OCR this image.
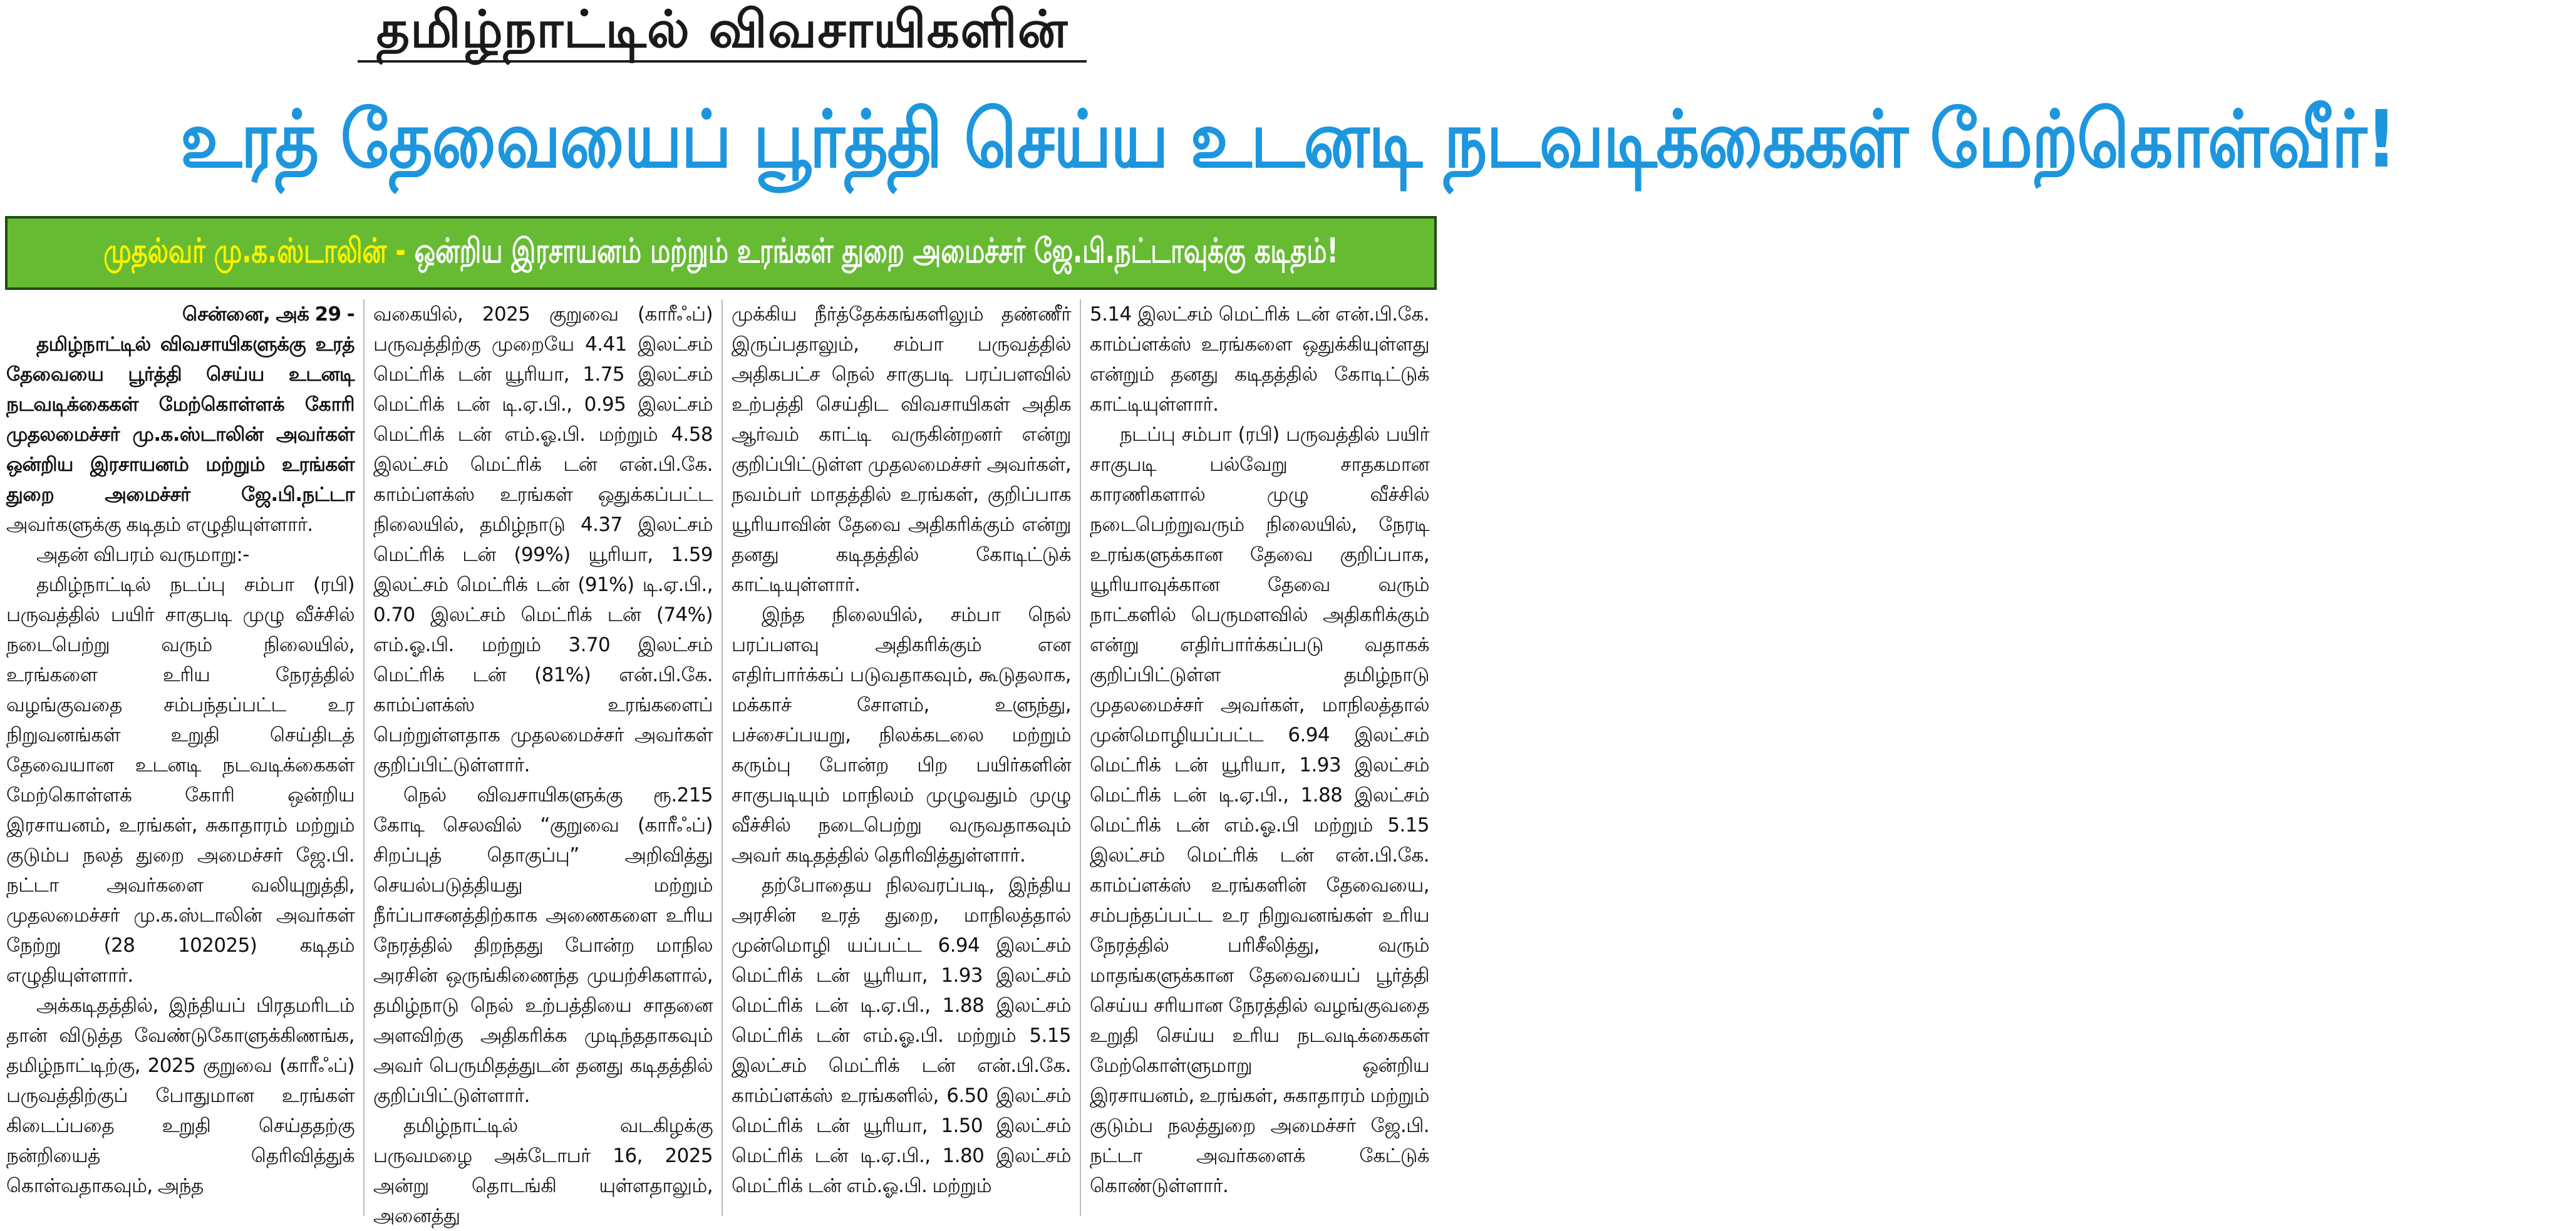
தமிழ்நாட்டில் விவசாயிகளின்
உரத் தேவையைப் பூர்த்தி செய்ய உடனடி நடவடிக்கைகள் மேற்கொள்வீர்!
முதல்வர் மு.க.ஸ்டாலின் - ஒன்றிய இரசாயனம் மற்றும் உரங்கள் துறை அமைச்சர் ஜே.பி.நட்டாவுக்கு கடிதம்!

சென்னை, அக் 29 -

தமிழ்நாட்டில் விவசாயிகளுக்கு உரத் தேவையை பூர்த்தி செய்ய உடனடி நடவடிக்கைகள் மேற்கொள்ளக் கோரி முதலமைச்சர் மு.க.ஸ்டாலின் அவர்கள் ஒன்றிய இரசாயனம் மற்றும் உரங்கள் துறை அமைச்சர் ஜே.பி.நட்டா அவர்களுக்கு கடிதம் எழுதியுள்ளார்.

அதன் விபரம் வருமாறு:-

தமிழ்நாட்டில் நடப்பு சம்பா (ரபி) பருவத்தில் பயிர் சாகுபடி முழு வீச்சில் நடைபெற்று வரும் நிலையில், உரங்களை உரிய நேரத்தில் வழங்குவதை சம்பந்தப்பட்ட உர நிறுவனங்கள் உறுதி செய்திடத் தேவையான உடனடி நடவடிக்கைகள் மேற்கொள்ளக் கோரி ஒன்றிய இரசாயனம், உரங்கள், சுகாதாரம் மற்றும் குடும்ப நலத் துறை அமைச்சர் ஜே.பி. நட்டா அவர்களை வலியுறுத்தி, முதலமைச்சர் மு.க.ஸ்டாலின் அவர்கள் நேற்று (28 102025) கடிதம் எழுதியுள்ளார்.

அக்கடிதத்தில், இந்தியப் பிரதமரிடம் தான் விடுத்த வேண்டுகோளுக்கிணங்க, தமிழ்நாட்டிற்கு, 2025 குறுவை (காரீஃப்) பருவத்திற்குப் போதுமான உரங்கள் கிடைப்பதை உறுதி செய்ததற்கு நன்றியைத் தெரிவித்துக் கொள்வதாகவும், அந்த

வகையில், 2025 குறுவை (காரீஃப்) பருவத்திற்கு முறையே 4.41 இலட்சம் மெட்ரிக் டன் யூரியா, 1.75 இலட்சம் மெட்ரிக் டன் டி.ஏ.பி., 0.95 இலட்சம் மெட்ரிக் டன் எம்.ஓ.பி. மற்றும் 4.58 இலட்சம் மெட்ரிக் டன் என்.பி.கே. காம்ப்ளக்ஸ் உரங்கள் ஒதுக்கப்பட்ட நிலையில், தமிழ்நாடு 4.37 இலட்சம் மெட்ரிக் டன் (99%) யூரியா, 1.59 இலட்சம் மெட்ரிக் டன் (91%) டி.ஏ.பி., 0.70 இலட்சம் மெட்ரிக் டன் (74%) எம்.ஓ.பி. மற்றும் 3.70 இலட்சம் மெட்ரிக் டன் (81%) என்.பி.கே. காம்ப்ளக்ஸ் உரங்களைப் பெற்றுள்ளதாக முதலமைச்சர் அவர்கள் குறிப்பிட்டுள்ளார்.

நெல் விவசாயிகளுக்கு ரூ.215 கோடி செலவில் “குறுவை (காரீஃப்) சிறப்புத் தொகுப்பு” அறிவித்து செயல்படுத்தியது மற்றும் நீர்ப்பாசனத்திற்காக அணைகளை உரிய நேரத்தில் திறந்தது போன்ற மாநில அரசின் ஒருங்கிணைந்த முயற்சிகளால், தமிழ்நாடு நெல் உற்பத்தியை சாதனை அளவிற்கு அதிகரிக்க முடிந்ததாகவும் அவர் பெருமிதத்துடன் தனது கடிதத்தில் குறிப்பிட்டுள்ளார்.

தமிழ்நாட்டில் வடகிழக்கு பருவமழை அக்டோபர் 16, 2025 அன்று தொடங்கி யுள்ளதாலும், அனைத்து

முக்கிய நீர்த்தேக்கங்களிலும் தண்ணீர் இருப்பதாலும், சம்பா பருவத்தில் அதிகபட்ச நெல் சாகுபடி பரப்பளவில் உற்பத்தி செய்திட விவசாயிகள் அதிக ஆர்வம் காட்டி வருகின்றனர் என்று குறிப்பிட்டுள்ள முதலமைச்சர் அவர்கள், நவம்பர் மாதத்தில் உரங்கள், குறிப்பாக யூரியாவின் தேவை அதிகரிக்கும் என்று தனது கடிதத்தில் கோடிட்டுக் காட்டியுள்ளார்.

இந்த நிலையில், சம்பா நெல் பரப்பளவு அதிகரிக்கும் என எதிர்பார்க்கப் படுவதாகவும், கூடுதலாக, மக்காச் சோளம், உளுந்து, பச்சைப்பயறு, நிலக்கடலை மற்றும் கரும்பு போன்ற பிற பயிர்களின் சாகுபடியும் மாநிலம் முழுவதும் முழு வீச்சில் நடைபெற்று வருவதாகவும் அவர் கடிதத்தில் தெரிவித்துள்ளார்.

தற்போதைய நிலவரப்படி, இந்திய அரசின் உரத் துறை, மாநிலத்தால் முன்மொழி யப்பட்ட 6.94 இலட்சம் மெட்ரிக் டன் யூரியா, 1.93 இலட்சம் மெட்ரிக் டன் டி.ஏ.பி., 1.88 இலட்சம் மெட்ரிக் டன் எம்.ஓ.பி. மற்றும் 5.15 இலட்சம் மெட்ரிக் டன் என்.பி.கே. காம்ப்ளக்ஸ் உரங்களில், 6.50 இலட்சம் மெட்ரிக் டன் யூரியா, 1.50 இலட்சம் மெட்ரிக் டன் டி.ஏ.பி., 1.80 இலட்சம் மெட்ரிக் டன் எம்.ஓ.பி. மற்றும்

5.14 இலட்சம் மெட்ரிக் டன் என்.பி.கே. காம்ப்ளக்ஸ் உரங்களை ஒதுக்கியுள்ளது என்றும் தனது கடிதத்தில் கோடிட்டுக் காட்டியுள்ளார்.

நடப்பு சம்பா (ரபி) பருவத்தில் பயிர் சாகுபடி பல்வேறு சாதகமான காரணிகளால் முழு வீச்சில் நடைபெற்றுவரும் நிலையில், நேரடி உரங்களுக்கான தேவை குறிப்பாக, யூரியாவுக்கான தேவை வரும் நாட்களில் பெருமளவில் அதிகரிக்கும் என்று எதிர்பார்க்கப்படு வதாகக் குறிப்பிட்டுள்ள தமிழ்நாடு முதலமைச்சர் அவர்கள், மாநிலத்தால் முன்மொழியப்பட்ட 6.94 இலட்சம் மெட்ரிக் டன் யூரியா, 1.93 இலட்சம் மெட்ரிக் டன் டி.ஏ.பி., 1.88 இலட்சம் மெட்ரிக் டன் எம்.ஓ.பி மற்றும் 5.15 இலட்சம் மெட்ரிக் டன் என்.பி.கே. காம்ப்ளக்ஸ் உரங்களின் தேவையை, சம்பந்தப்பட்ட உர நிறுவனங்கள் உரிய நேரத்தில் பரிசீலித்து, வரும் மாதங்களுக்கான தேவையைப் பூர்த்தி செய்ய சரியான நேரத்தில் வழங்குவதை உறுதி செய்ய உரிய நடவடிக்கைகள் மேற்கொள்ளுமாறு ஒன்றிய இரசாயனம், உரங்கள், சுகாதாரம் மற்றும் குடும்ப நலத்துறை அமைச்சர் ஜே.பி. நட்டா அவர்களைக் கேட்டுக் கொண்டுள்ளார்.
